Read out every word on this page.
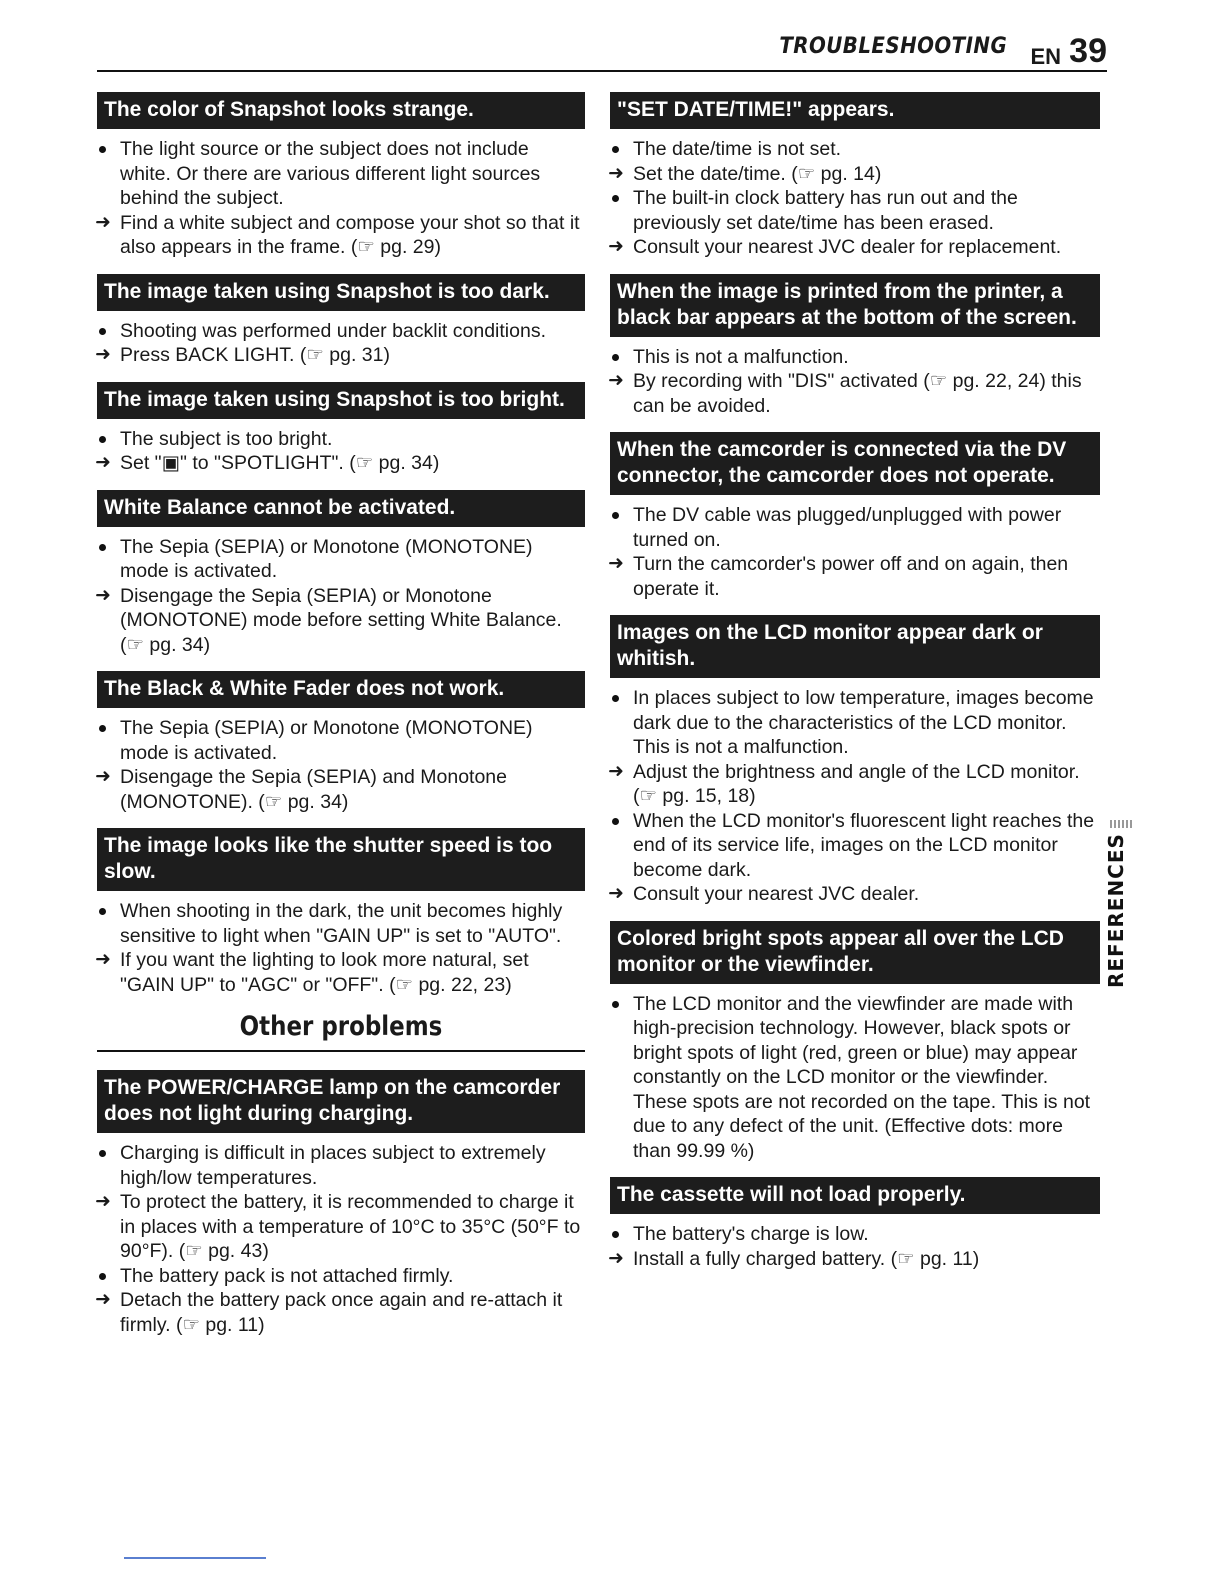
TROUBLESHOOTING EN 39
The color of Snapshot looks strange.
The light source or the subject does not include white. Or there are various different light sources behind the subject.
➜
Find a white subject and compose your shot so that it also appears in the frame. (☞ pg. 29)
The image taken using Snapshot is too dark.
Shooting was performed under backlit conditions.
➜
Press BACK LIGHT. (☞ pg. 31)
The image taken using Snapshot is too bright.
The subject is too bright.
➜
Set "▣" to "SPOTLIGHT". (☞ pg. 34)
White Balance cannot be activated.
The Sepia (SEPIA) or Monotone (MONOTONE) mode is activated.
➜
Disengage the Sepia (SEPIA) or Monotone (MONOTONE) mode before setting White Balance. (☞ pg. 34)
The Black & White Fader does not work.
The Sepia (SEPIA) or Monotone (MONOTONE) mode is activated.
➜
Disengage the Sepia (SEPIA) and Monotone (MONOTONE). (☞ pg. 34)
The image looks like the shutter speed is too slow.
When shooting in the dark, the unit becomes highly sensitive to light when "GAIN UP" is set to "AUTO".
➜
If you want the lighting to look more natural, set "GAIN UP" to "AGC" or "OFF". (☞ pg. 22, 23)
Other problems
The POWER/CHARGE lamp on the camcorder does not light during charging.
Charging is difficult in places subject to extremely high/low temperatures.
➜
To protect the battery, it is recommended to charge it in places with a temperature of 10°C to 35°C (50°F to 90°F). (☞ pg. 43)
The battery pack is not attached firmly.
➜
Detach the battery pack once again and re-attach it firmly. (☞ pg. 11)
"SET DATE/TIME!" appears.
The date/time is not set.
➜
Set the date/time. (☞ pg. 14)
The built-in clock battery has run out and the previously set date/time has been erased.
➜
Consult your nearest JVC dealer for replacement.
When the image is printed from the printer, a black bar appears at the bottom of the screen.
This is not a malfunction.
➜
By recording with "DIS" activated (☞ pg. 22, 24) this can be avoided.
When the camcorder is connected via the DV connector, the camcorder does not operate.
The DV cable was plugged/unplugged with power turned on.
➜
Turn the camcorder's power off and on again, then operate it.
Images on the LCD monitor appear dark or whitish.
In places subject to low temperature, images become dark due to the characteristics of the LCD monitor. This is not a malfunction.
➜
Adjust the brightness and angle of the LCD monitor. (☞ pg. 15, 18)
When the LCD monitor's fluorescent light reaches the end of its service life, images on the LCD monitor become dark.
➜
Consult your nearest JVC dealer.
Colored bright spots appear all over the LCD monitor or the viewfinder.
The LCD monitor and the viewfinder are made with high-precision technology. However, black spots or bright spots of light (red, green or blue) may appear constantly on the LCD monitor or the viewfinder. These spots are not recorded on the tape. This is not due to any defect of the unit. (Effective dots: more than 99.99 %)
The cassette will not load properly.
The battery's charge is low.
➜
Install a fully charged battery. (☞ pg. 11)
REFERENCES
